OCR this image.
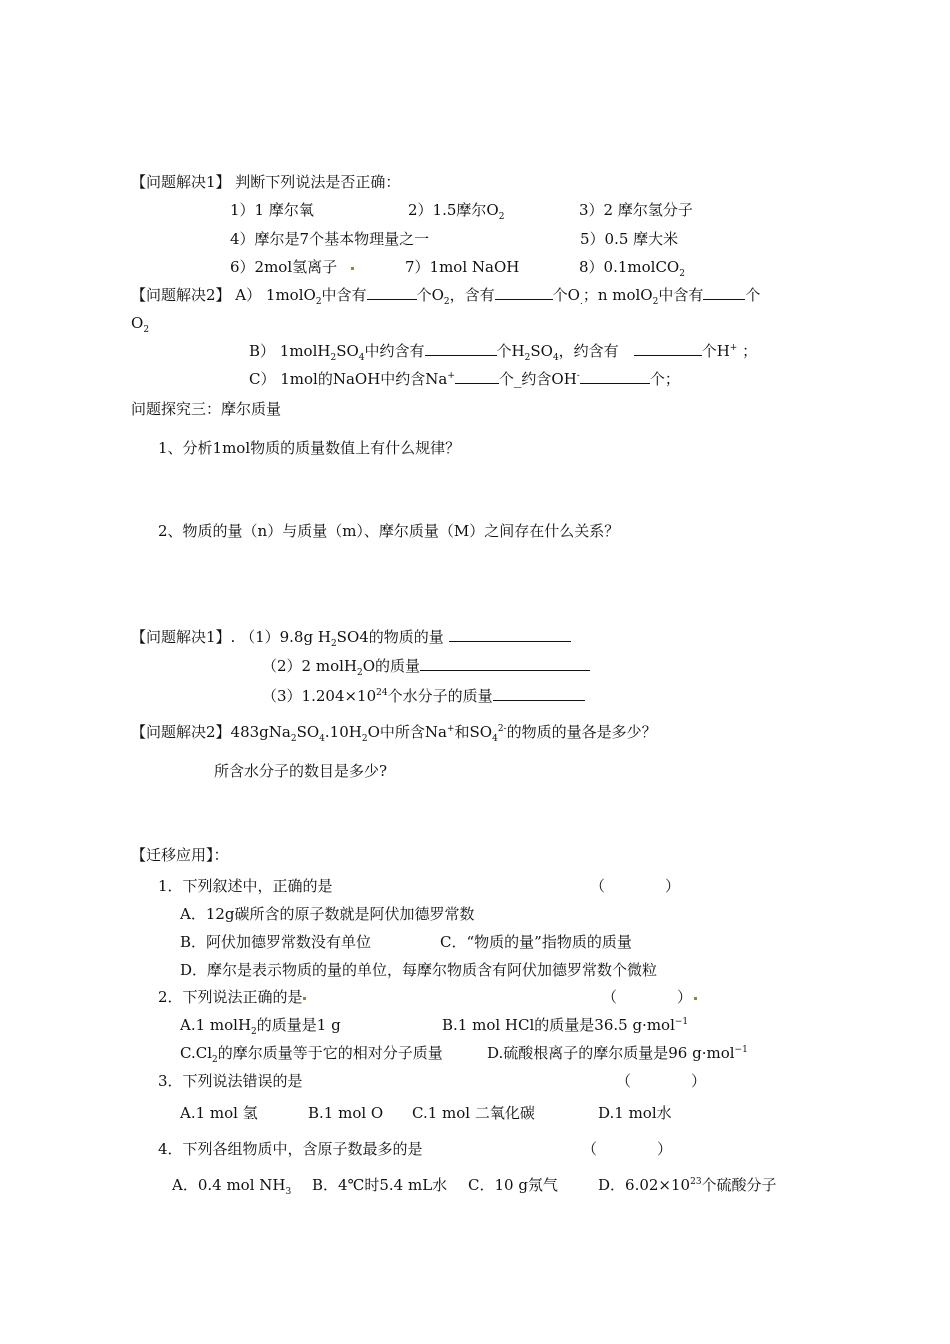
【问题解决1】 判断下列说法是否正确：
1）1 摩尔氧	2）1.5摩尔$O_2$	3）2 摩尔氢分子
4）摩尔是7个基本物理量之一	5）0.5 摩大米
6）2mol氢离子	7）1mol NaOH	8）0.1molCO$_2$
【问题解决2】 A） 1molO$_2$中含有	个$O_2$，含有	个$O_.$；n molO$_2$中含有	个
$O_2$
B） $1molH_2SO_4$中约含有	个$H_2SO_4$，约含有　	个H+ ；
C） 1mol的NaOH中约含Na+	个_约含OH-	个；
问题探究三：摩尔质量
1、分析1mol物质的质量数值上有什么规律？
2、物质的量（n）与质量（m）、摩尔质量（M）之间存在什么关系？
【问题解决1】. （1）9.8g $H_2SO4$的物质的量
（2）2 molH$_2$O的质量
$(3)1.204\times 10^{24}$个水分子的质量
【问题解决2】$483gNa_2SO_4.10H_2O$中所含Na+和$SO_4^{2-}$的物质的量各是多少？
所含水分子的数目是多少?
【迁移应用】：
1．下列叙述中，正确的是	（　　　　）
A．12g碳所含的原子数就是阿伏加德罗常数
B．阿伏加德罗常数没有单位	C．“物质的量”指物质的质量
D．摩尔是表示物质的量的单位，每摩尔物质含有阿伏加德罗常数个微粒
2．下列说法正确的是	（　　　　）
A.1 molH$_2$的质量是1 g	B.1 mol HCl的质量是36.5 g·mol$^{-1}$
$C.Cl_2$的摩尔质量等于它的相对分子质量	D.硫酸根离子的摩尔质量是96 g·mol$^{-1}$
3．下列说法错误的是	（　　　　）
A.1 mol 氢	B.1 mol O C.1 mol 二氧化碳	D.1 mol水
4．下列各组物质中，含原子数最多的是	（　　　　）
A．0.4 mol $NH_3$ B．4℃时5.4 mL水 C．10 g氖气	D．$6.02\times 10^{23}$个硫酸分子
